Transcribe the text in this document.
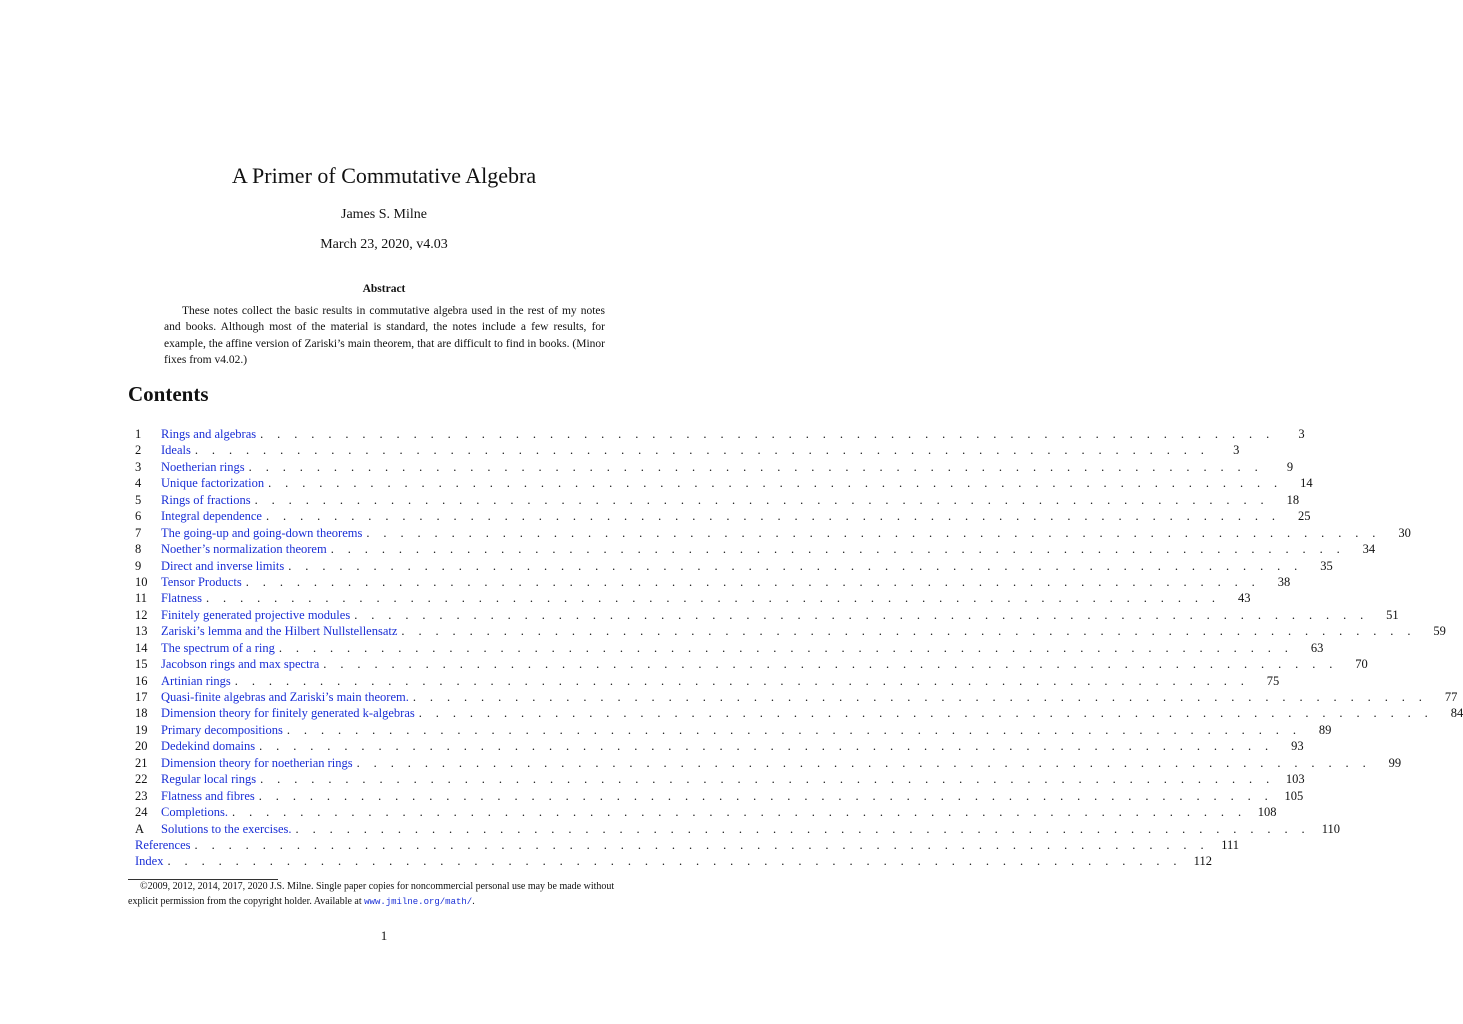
A Primer of Commutative Algebra
James S. Milne
March 23, 2020, v4.03
Abstract
These notes collect the basic results in commutative algebra used in the rest of my notes and books. Although most of the material is standard, the notes include a few results, for example, the affine version of Zariski’s main theorem, that are difficult to find in books. (Minor fixes from v4.02.)
Contents
1	Rings and algebras . . . . . . . . . . . . . . . . . . . . . . . . . . . . . . . . . . . . . . . . . . . . . . . . . . . . . . . . . . . .	3
2	Ideals . . . . . . . . . . . . . . . . . . . . . . . . . . . . . . . . . . . . . . . . . . . . . . . . . . . . . . . . . . . .	3
3	Noetherian rings . . . . . . . . . . . . . . . . . . . . . . . . . . . . . . . . . . . . . . . . . . . . . . . . . . . . . . . . . . . .	9
4	Unique factorization . . . . . . . . . . . . . . . . . . . . . . . . . . . . . . . . . . . . . . . . . . . . . . . . . . . . . . . . . . . .	14
5	Rings of fractions . . . . . . . . . . . . . . . . . . . . . . . . . . . . . . . . . . . . . . . . . . . . . . . . . . . . . . . . . . . .	18
6	Integral dependence . . . . . . . . . . . . . . . . . . . . . . . . . . . . . . . . . . . . . . . . . . . . . . . . . . . . . . . . . . . .	25
7	The going-up and going-down theorems . . . . . . . . . . . . . . . . . . . . . . . . . . . . . . . . . . . . . . . . . . . . . . . . . . . . . . . . . . . .	30
8	Noether’s normalization theorem . . . . . . . . . . . . . . . . . . . . . . . . . . . . . . . . . . . . . . . . . . . . . . . . . . . . . . . . . . . .	34
9	Direct and inverse limits . . . . . . . . . . . . . . . . . . . . . . . . . . . . . . . . . . . . . . . . . . . . . . . . . . . . . . . . . . . .	35
10	Tensor Products . . . . . . . . . . . . . . . . . . . . . . . . . . . . . . . . . . . . . . . . . . . . . . . . . . . . . . . . . . . .	38
11	Flatness . . . . . . . . . . . . . . . . . . . . . . . . . . . . . . . . . . . . . . . . . . . . . . . . . . . . . . . . . . . .	43
12	Finitely generated projective modules . . . . . . . . . . . . . . . . . . . . . . . . . . . . . . . . . . . . . . . . . . . . . . . . . . . . . . . . . . . .	51
13	Zariski’s lemma and the Hilbert Nullstellensatz . . . . . . . . . . . . . . . . . . . . . . . . . . . . . . . . . . . . . . . . . . . . . . . . . . . . . . . . . . . .	59
14	The spectrum of a ring . . . . . . . . . . . . . . . . . . . . . . . . . . . . . . . . . . . . . . . . . . . . . . . . . . . . . . . . . . . .	63
15	Jacobson rings and max spectra . . . . . . . . . . . . . . . . . . . . . . . . . . . . . . . . . . . . . . . . . . . . . . . . . . . . . . . . . . . .	70
16	Artinian rings . . . . . . . . . . . . . . . . . . . . . . . . . . . . . . . . . . . . . . . . . . . . . . . . . . . . . . . . . . . .	75
17	Quasi-finite algebras and Zariski’s main theorem. . . . . . . . . . . . . . . . . . . . . . . . . . . . . . . . . . . . . . . . . . . . . . . . . . . . . . . . . . . . .	77
18	Dimension theory for finitely generated k-algebras . . . . . . . . . . . . . . . . . . . . . . . . . . . . . . . . . . . . . . . . . . . . . . . . . . . . . . . . . . . .	84
19	Primary decompositions . . . . . . . . . . . . . . . . . . . . . . . . . . . . . . . . . . . . . . . . . . . . . . . . . . . . . . . . . . . .	89
20	Dedekind domains . . . . . . . . . . . . . . . . . . . . . . . . . . . . . . . . . . . . . . . . . . . . . . . . . . . . . . . . . . . .	93
21	Dimension theory for noetherian rings . . . . . . . . . . . . . . . . . . . . . . . . . . . . . . . . . . . . . . . . . . . . . . . . . . . . . . . . . . . .	99
22	Regular local rings . . . . . . . . . . . . . . . . . . . . . . . . . . . . . . . . . . . . . . . . . . . . . . . . . . . . . . . . . . . . 103
23	Flatness and fibres . . . . . . . . . . . . . . . . . . . . . . . . . . . . . . . . . . . . . . . . . . . . . . . . . . . . . . . . . . . . 105
24	Completions. . . . . . . . . . . . . . . . . . . . . . . . . . . . . . . . . . . . . . . . . . . . . . . . . . . . . . . . . . . . . 108
A	Solutions to the exercises. . . . . . . . . . . . . . . . . . . . . . . . . . . . . . . . . . . . . . . . . . . . . . . . . . . . . . . . . . . . . 110
References . . . . . . . . . . . . . . . . . . . . . . . . . . . . . . . . . . . . . . . . . . . . . . . . . . . . . . . . . . . . 111
Index . . . . . . . . . . . . . . . . . . . . . . . . . . . . . . . . . . . . . . . . . . . . . . . . . . . . . . . . . . . . 112
©2009, 2012, 2014, 2017, 2020 J.S. Milne. Single paper copies for noncommercial personal use may be made without explicit permission from the copyright holder. Available at www.jmilne.org/math/.
1
